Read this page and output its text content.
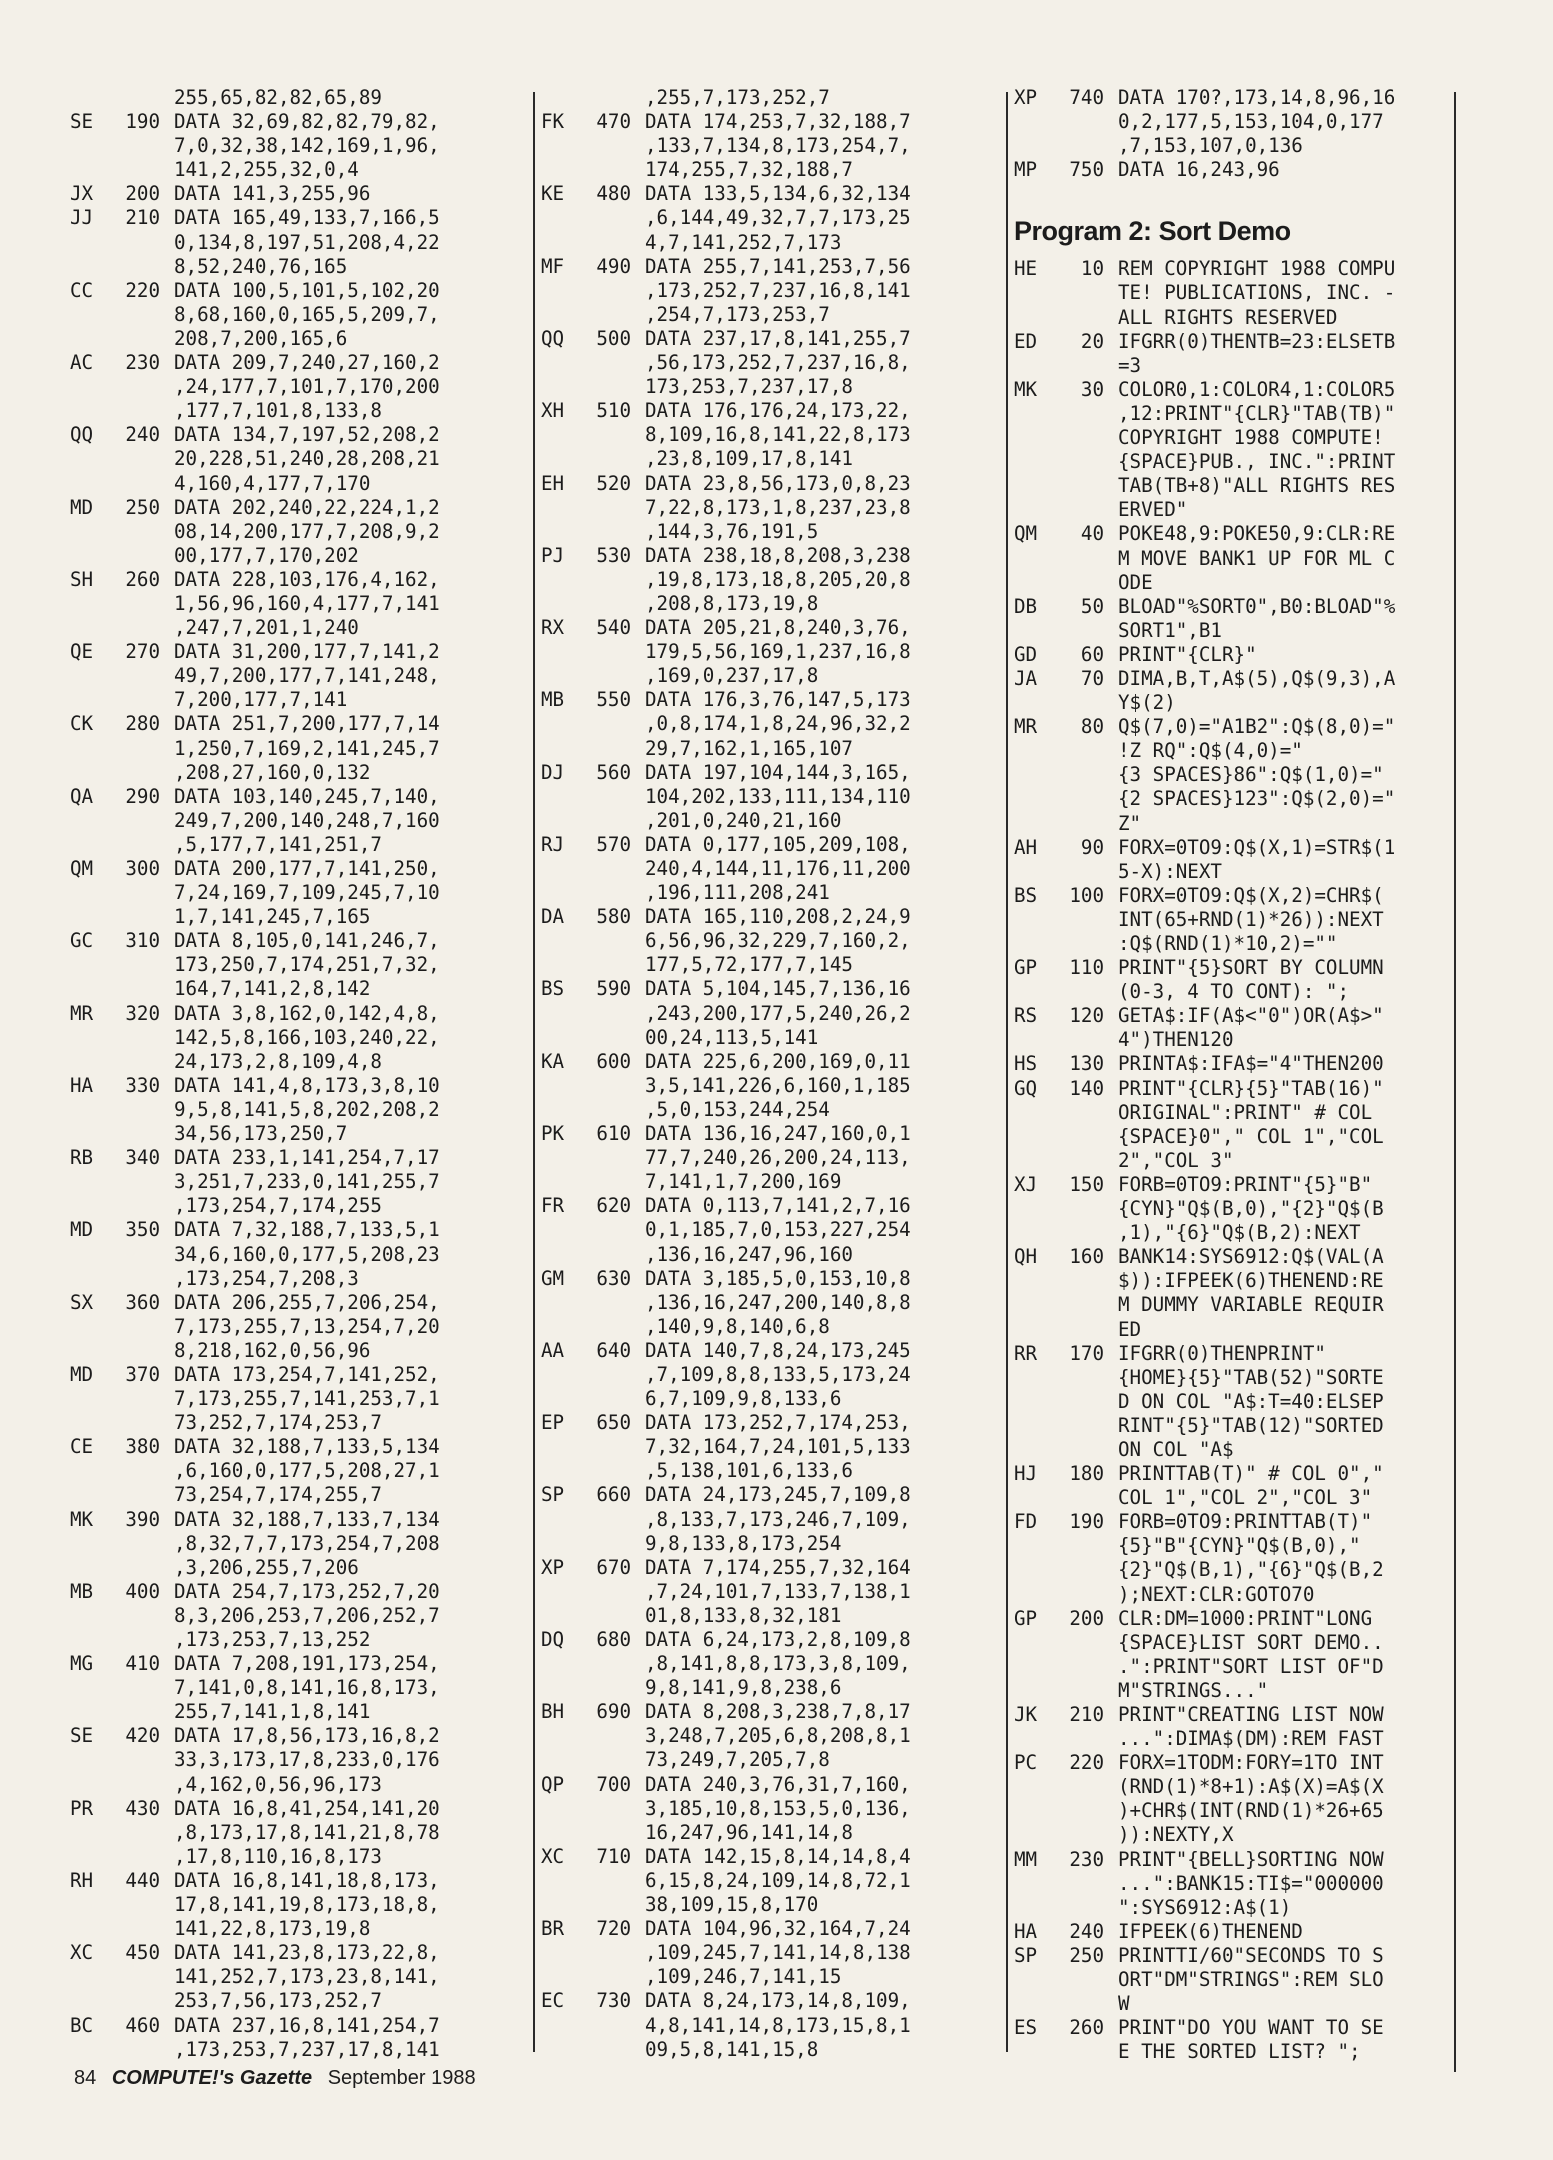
255,65,82,82,65,89
SE	190 DATA 32,69,82,82,79,82,
7,0,32,38,142,169,1,96,
141,2,255,32,0,4
JX	200 DATA 141,3,255,96
JJ	210 DATA 165,49,133,7,166,5
0,134,8,197,51,208,4,22
8,52,240,76,165
CC	220 DATA 100,5,101,5,102,20
8,68,160,0,165,5,209,7,
208,7,200,165,6
AC	230 DATA 209,7,240,27,160,2
,24,177,7,101,7,170,200
,177,7,101,8,133,8
QQ	240 DATA 134,7,197,52,208,2
20,228,51,240,28,208,21
4,160,4,177,7,170
MD	250 DATA 202,240,22,224,1,2
08,14,200,177,7,208,9,2
00,177,7,170,202
SH	260 DATA 228,103,176,4,162,
1,56,96,160,4,177,7,141
,247,7,201,1,240
QE	270 DATA 31,200,177,7,141,2
49,7,200,177,7,141,248,
7,200,177,7,141
CK	280 DATA 251,7,200,177,7,14
1,250,7,169,2,141,245,7
,208,27,160,0,132
QA	290 DATA 103,140,245,7,140,
249,7,200,140,248,7,160
,5,177,7,141,251,7
QM	300 DATA 200,177,7,141,250,
7,24,169,7,109,245,7,10
1,7,141,245,7,165
GC	310 DATA 8,105,0,141,246,7,
173,250,7,174,251,7,32,
164,7,141,2,8,142
MR	320 DATA 3,8,162,0,142,4,8,
142,5,8,166,103,240,22,
24,173,2,8,109,4,8
HA	330 DATA 141,4,8,173,3,8,10
9,5,8,141,5,8,202,208,2
34,56,173,250,7
RB	340 DATA 233,1,141,254,7,17
3,251,7,233,0,141,255,7
,173,254,7,174,255
MD	350 DATA 7,32,188,7,133,5,1
34,6,160,0,177,5,208,23
,173,254,7,208,3
SX	360 DATA 206,255,7,206,254,
7,173,255,7,13,254,7,20
8,218,162,0,56,96
MD	370 DATA 173,254,7,141,252,
7,173,255,7,141,253,7,1
73,252,7,174,253,7
CE	380 DATA 32,188,7,133,5,134
,6,160,0,177,5,208,27,1
73,254,7,174,255,7
MK	390 DATA 32,188,7,133,7,134
,8,32,7,7,173,254,7,208
,3,206,255,7,206
MB	400 DATA 254,7,173,252,7,20
8,3,206,253,7,206,252,7
,173,253,7,13,252
MG	410 DATA 7,208,191,173,254,
7,141,0,8,141,16,8,173,
255,7,141,1,8,141
SE	420 DATA 17,8,56,173,16,8,2
33,3,173,17,8,233,0,176
,4,162,0,56,96,173
PR	430 DATA 16,8,41,254,141,20
,8,173,17,8,141,21,8,78
,17,8,110,16,8,173
RH	440 DATA 16,8,141,18,8,173,
17,8,141,19,8,173,18,8,
141,22,8,173,19,8
XC	450 DATA 141,23,8,173,22,8,
141,252,7,173,23,8,141,
253,7,56,173,252,7
BC	460 DATA 237,16,8,141,254,7
,173,253,7,237,17,8,141
,255,7,173,252,7
FK	470 DATA 174,253,7,32,188,7
,133,7,134,8,173,254,7,
174,255,7,32,188,7
KE	480 DATA 133,5,134,6,32,134
,6,144,49,32,7,7,173,25
4,7,141,252,7,173
MF	490 DATA 255,7,141,253,7,56
,173,252,7,237,16,8,141
,254,7,173,253,7
QQ	500 DATA 237,17,8,141,255,7
,56,173,252,7,237,16,8,
173,253,7,237,17,8
XH	510 DATA 176,176,24,173,22,
8,109,16,8,141,22,8,173
,23,8,109,17,8,141
EH	520 DATA 23,8,56,173,0,8,23
7,22,8,173,1,8,237,23,8
,144,3,76,191,5
PJ	530 DATA 238,18,8,208,3,238
,19,8,173,18,8,205,20,8
,208,8,173,19,8
RX	540 DATA 205,21,8,240,3,76,
179,5,56,169,1,237,16,8
,169,0,237,17,8
MB	550 DATA 176,3,76,147,5,173
,0,8,174,1,8,24,96,32,2
29,7,162,1,165,107
DJ	560 DATA 197,104,144,3,165,
104,202,133,111,134,110
,201,0,240,21,160
RJ	570 DATA 0,177,105,209,108,
240,4,144,11,176,11,200
,196,111,208,241
DA	580 DATA 165,110,208,2,24,9
6,56,96,32,229,7,160,2,
177,5,72,177,7,145
BS	590 DATA 5,104,145,7,136,16
,243,200,177,5,240,26,2
00,24,113,5,141
KA	600 DATA 225,6,200,169,0,11
3,5,141,226,6,160,1,185
,5,0,153,244,254
PK	610 DATA 136,16,247,160,0,1
77,7,240,26,200,24,113,
7,141,1,7,200,169
FR	620 DATA 0,113,7,141,2,7,16
0,1,185,7,0,153,227,254
,136,16,247,96,160
GM	630 DATA 3,185,5,0,153,10,8
,136,16,247,200,140,8,8
,140,9,8,140,6,8
AA	640 DATA 140,7,8,24,173,245
,7,109,8,8,133,5,173,24
6,7,109,9,8,133,6
EP	650 DATA 173,252,7,174,253,
7,32,164,7,24,101,5,133
,5,138,101,6,133,6
SP	660 DATA 24,173,245,7,109,8
,8,133,7,173,246,7,109,
9,8,133,8,173,254
XP	670 DATA 7,174,255,7,32,164
,7,24,101,7,133,7,138,1
01,8,133,8,32,181
DQ	680 DATA 6,24,173,2,8,109,8
,8,141,8,8,173,3,8,109,
9,8,141,9,8,238,6
BH	690 DATA 8,208,3,238,7,8,17
3,248,7,205,6,8,208,8,1
73,249,7,205,7,8
QP	700 DATA 240,3,76,31,7,160,
3,185,10,8,153,5,0,136,
16,247,96,141,14,8
XC	710 DATA 142,15,8,14,14,8,4
6,15,8,24,109,14,8,72,1
38,109,15,8,170
BR	720 DATA 104,96,32,164,7,24
,109,245,7,141,14,8,138
,109,246,7,141,15
EC	730 DATA 8,24,173,14,8,109,
4,8,141,14,8,173,15,8,1
09,5,8,141,15,8
XP	740 DATA 170?,173,14,8,96,16
0,2,177,5,153,104,0,177
,7,153,107,0,136
MP	750 DATA 16,243,96
Program 2: Sort Demo
HE	10 REM COPYRIGHT 1988 COMPU
TE! PUBLICATIONS, INC. -
ALL RIGHTS RESERVED
ED	20 IFGRR(0)THENTB=23:ELSETB
=3
MK	30 COLOR0,1:COLOR4,1:COLOR5
,12:PRINT"{CLR}"TAB(TB)"
COPYRIGHT 1988 COMPUTE!
{SPACE}PUB., INC.":PRINT
TAB(TB+8)"ALL RIGHTS RES
ERVED"
QM	40 POKE48,9:POKE50,9:CLR:RE
M MOVE BANK1 UP FOR ML C
ODE
DB	50 BLOAD"%SORT0",B0:BLOAD"%
SORT1",B1
GD	60 PRINT"{CLR}"
JA	70 DIMA,B,T,A$(5),Q$(9,3),A
Y$(2)
MR	80 Q$(7,0)="A1B2":Q$(8,0)="
!Z RQ":Q$(4,0)="
{3 SPACES}86":Q$(1,0)="
{2 SPACES}123":Q$(2,0)="
Z"
AH	90 FORX=0TO9:Q$(X,1)=STR$(1
5-X):NEXT
BS	100 FORX=0TO9:Q$(X,2)=CHR$(
INT(65+RND(1)*26)):NEXT
:Q$(RND(1)*10,2)=""
GP	110 PRINT"{5}SORT BY COLUMN
(0-3, 4 TO CONT): ";
RS	120 GETA$:IF(A$<"0")OR(A$>"
4")THEN120
HS	130 PRINTA$:IFA$="4"THEN200
GQ	140 PRINT"{CLR}{5}"TAB(16)"
ORIGINAL":PRINT" # COL
{SPACE}0"," COL 1","COL
2","COL 3"
XJ	150 FORB=0TO9:PRINT"{5}"B"
{CYN}"Q$(B,0),"{2}"Q$(B
,1),"{6}"Q$(B,2):NEXT
QH	160 BANK14:SYS6912:Q$(VAL(A
$)):IFPEEK(6)THENEND:RE
M DUMMY VARIABLE REQUIR
ED
RR	170 IFGRR(0)THENPRINT"
{HOME}{5}"TAB(52)"SORTE
D ON COL "A$:T=40:ELSEP
RINT"{5}"TAB(12)"SORTED
ON COL "A$
HJ	180 PRINTTAB(T)" # COL 0","
COL 1","COL 2","COL 3"
FD	190 FORB=0TO9:PRINTTAB(T)"
{5}"B"{CYN}"Q$(B,0),"
{2}"Q$(B,1),"{6}"Q$(B,2
);NEXT:CLR:GOTO70
GP	200 CLR:DM=1000:PRINT"LONG
{SPACE}LIST SORT DEMO..
.":PRINT"SORT LIST OF"D
M"STRINGS..."
JK	210 PRINT"CREATING LIST NOW
...":DIMA$(DM):REM FAST
PC	220 FORX=1TODM:FORY=1TO INT
(RND(1)*8+1):A$(X)=A$(X
)+CHR$(INT(RND(1)*26+65
)):NEXTY,X
MM	230 PRINT"{BELL}SORTING NOW
...":BANK15:TI$="000000
":SYS6912:A$(1)
HA	240 IFPEEK(6)THENEND
SP	250 PRINTTI/60"SECONDS TO S
ORT"DM"STRINGS":REM SLO
W
ES	260 PRINT"DO YOU WANT TO SE
E THE SORTED LIST? ";
84 COMPUTE!'s Gazette September 1988
